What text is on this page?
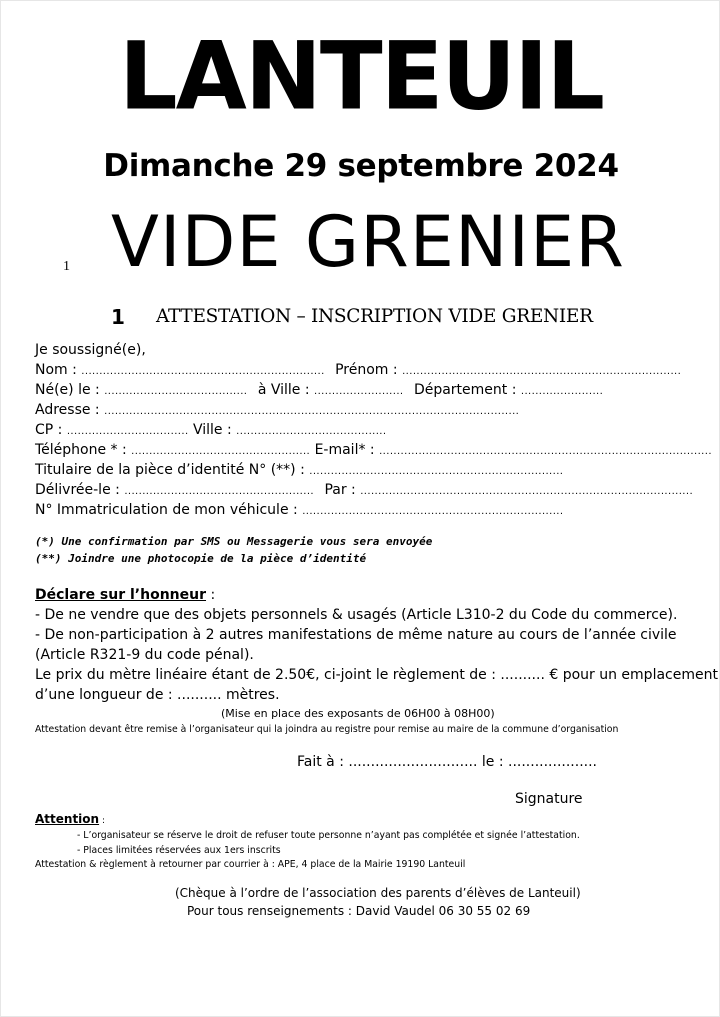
LANTEUIL
Dimanche 29 septembre 2024
1 VIDE GRENIER
1 ATTESTATION – INSCRIPTION VIDE GRENIER
Je soussigné(e),
Nom : .................................................................... Prénom : ..............................................................................
Né(e) le : ........................................ à Ville : ......................... Département : .......................
Adresse : ....................................................................................................................
CP : .................................. Ville : ..........................................
Téléphone * : .................................................. E-mail* : .............................................................................................
Titulaire de la pièce d’identité N° (**) : .......................................................................
Délivrée-le : ..................................................... Par : .............................................................................................
N° Immatriculation de mon véhicule : .........................................................................
(*) Une confirmation par SMS ou Messagerie vous sera envoyée
(**) Joindre une photocopie de la pièce d’identité
Déclare sur l’honneur :
- De ne vendre que des objets personnels & usagés (Article L310-2 du Code du commerce).
- De non-participation à 2 autres manifestations de même nature au cours de l’année civile
(Article R321-9 du code pénal).
Le prix du mètre linéaire étant de 2.50€, ci-joint le règlement de : .......... € pour un emplacement
d’une longueur de : .......... mètres.
(Mise en place des exposants de 06H00 à 08H00)
Attestation devant être remise à l’organisateur qui la joindra au registre pour remise au maire de la commune d’organisation
Fait à : ............................. le : ....................
Signature
Attention :
- L’organisateur se réserve le droit de refuser toute personne n’ayant pas complétée et signée l’attestation.
- Places limitées réservées aux 1ers inscrits
Attestation & règlement à retourner par courrier à : APE, 4 place de la Mairie 19190 Lanteuil
(Chèque à l’ordre de l’association des parents d’élèves de Lanteuil)
Pour tous renseignements : David Vaudel 06 30 55 02 69
